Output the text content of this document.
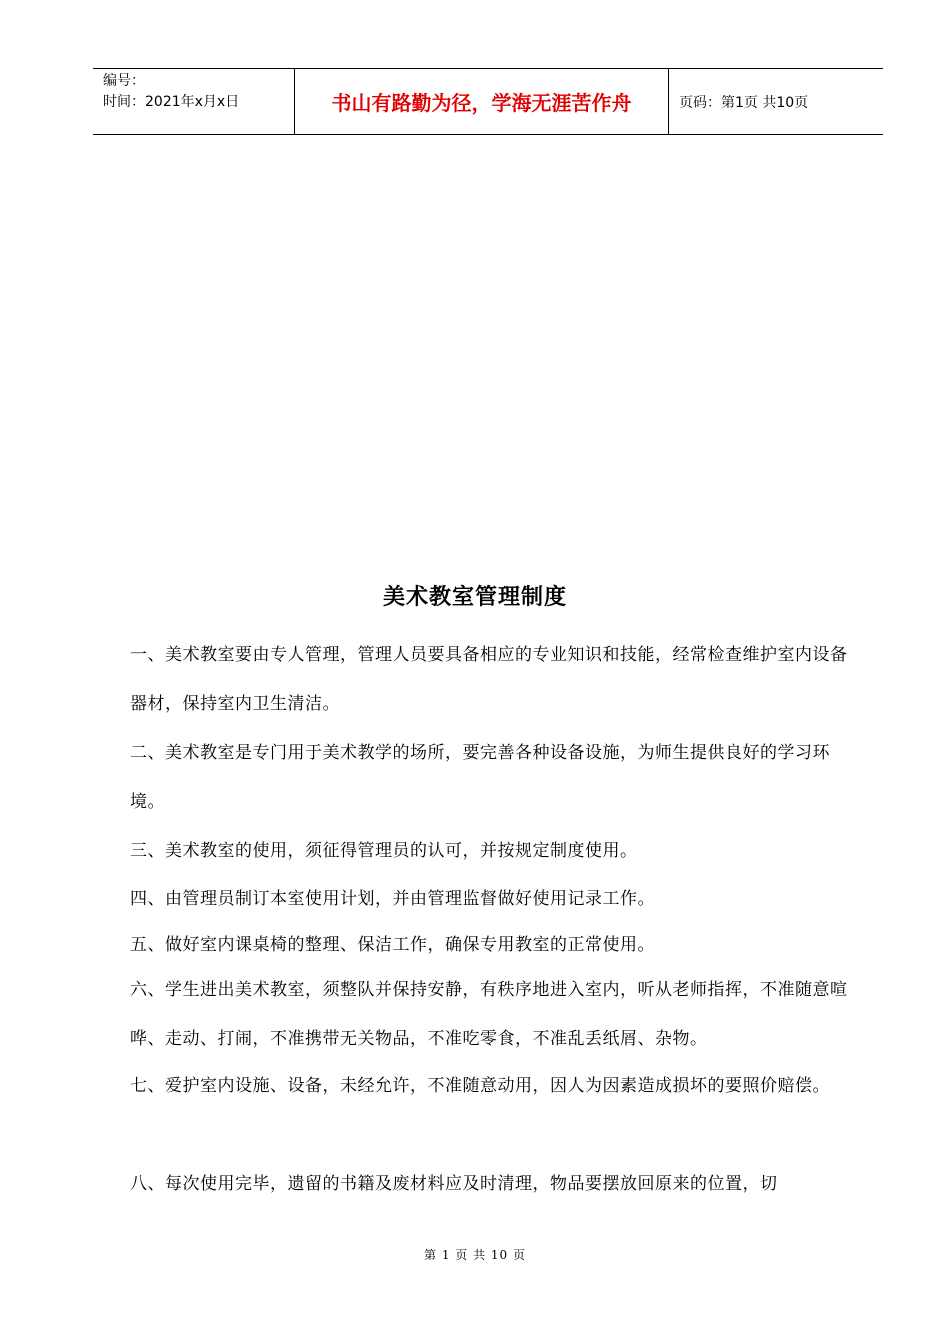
编号：
时间：2021年x月x日	书山有路勤为径，学海无涯苦作舟	页码：第1页 共10页
美术教室管理制度
一、美术教室要由专人管理，管理人员要具备相应的专业知识和技能，经常检查维护室内设备器材，保持室内卫生清洁。
二、美术教室是专门用于美术教学的场所，要完善各种设备设施，为师生提供良好的学习环境。
三、美术教室的使用，须征得管理员的认可，并按规定制度使用。
四、由管理员制订本室使用计划，并由管理监督做好使用记录工作。
五、做好室内课桌椅的整理、保洁工作，确保专用教室的正常使用。
六、学生进出美术教室，须整队并保持安静，有秩序地进入室内，听从老师指挥，不准随意喧哗、走动、打闹，不准携带无关物品，不准吃零食，不准乱丢纸屑、杂物。
七、爱护室内设施、设备，未经允许，不准随意动用，因人为因素造成损坏的要照价赔偿。
八、每次使用完毕，遗留的书籍及废材料应及时清理，物品要摆放回原来的位置，切
第 1 页 共 10 页
